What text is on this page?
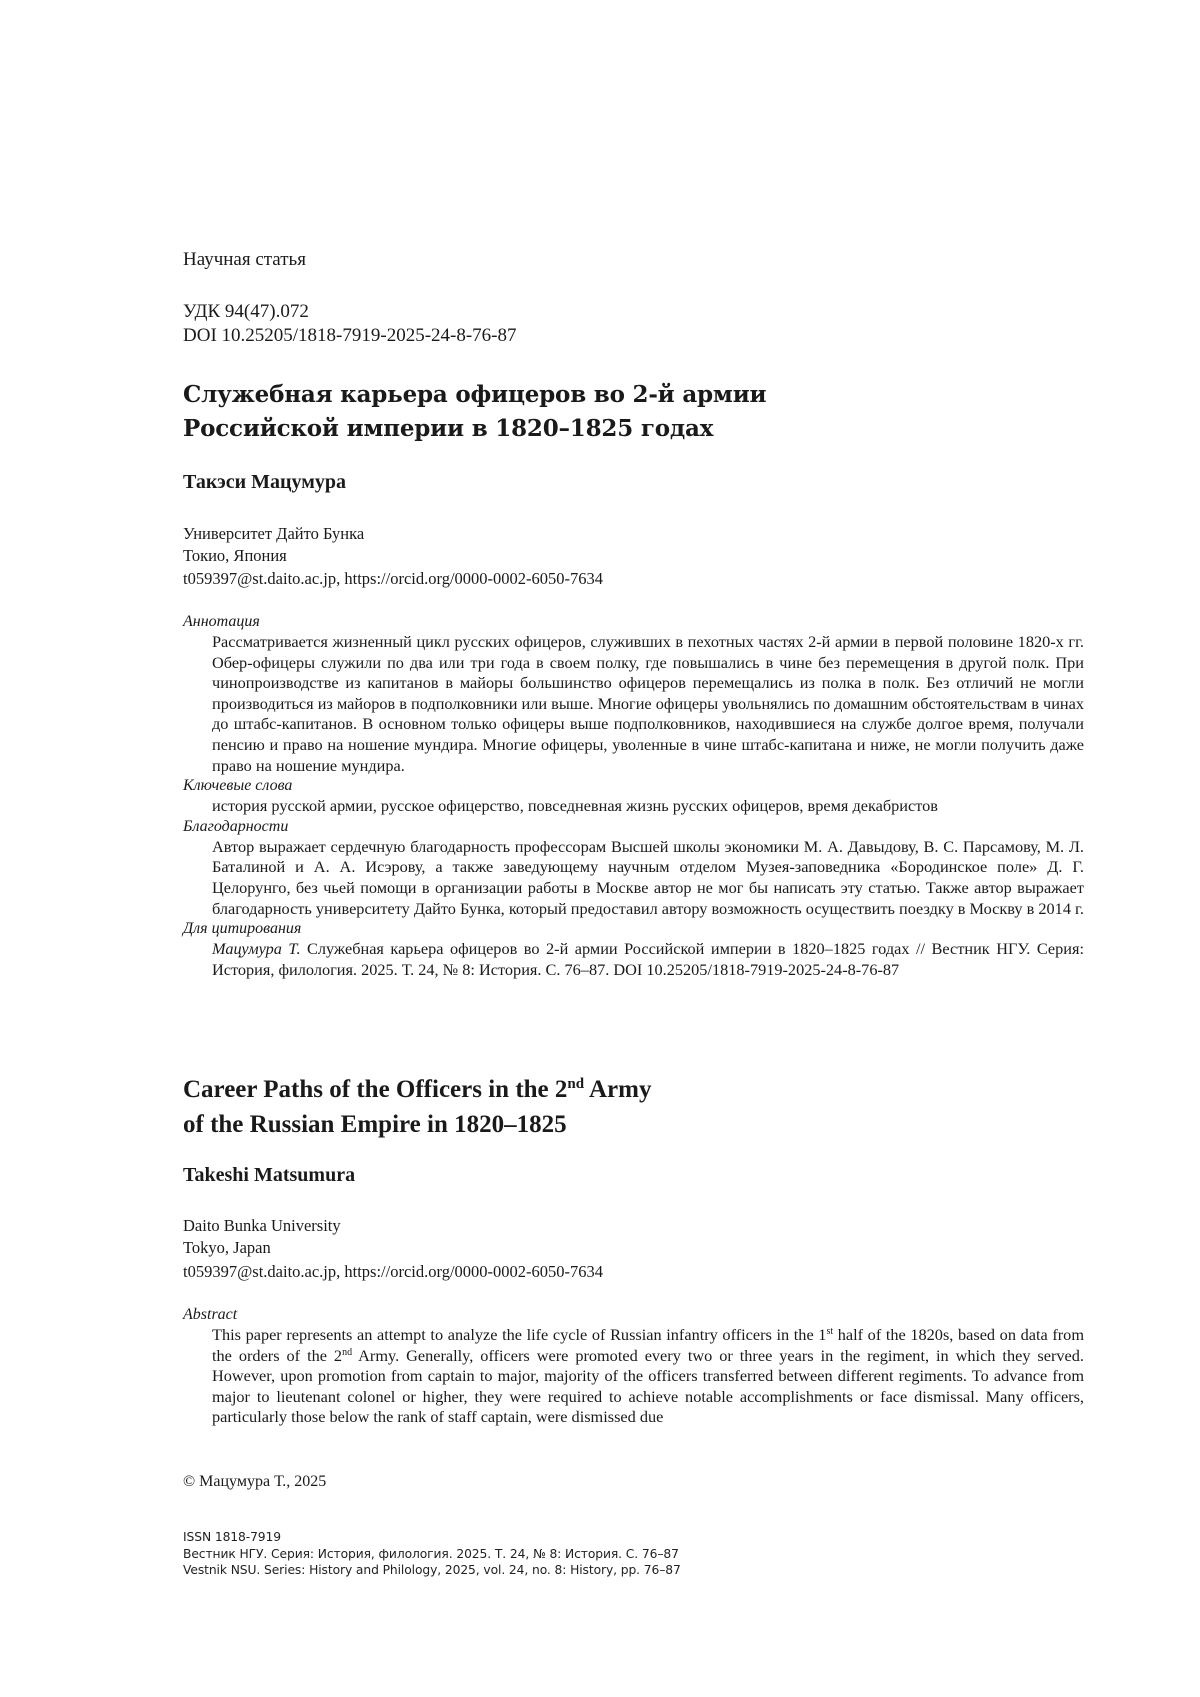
Научная статья
УДК 94(47).072
DOI 10.25205/1818-7919-2025-24-8-76-87
Служебная карьера офицеров во 2-й армии
Российской империи в 1820–1825 годах
Такэси Мацумура
Университет Дайто Бунка
Токио, Япония
t059397@st.daito.ac.jp, https://orcid.org/0000-0002-6050-7634
Аннотация
Рассматривается жизненный цикл русских офицеров, служивших в пехотных частях 2-й армии в первой половине 1820-х гг. Обер-офицеры служили по два или три года в своем полку, где повышались в чине без перемещения в другой полк. При чинопроизводстве из капитанов в майоры большинство офицеров перемещались из полка в полк. Без отличий не могли производиться из майоров в подполковники или выше. Многие офицеры увольнялись по домашним обстоятельствам в чинах до штабс-капитанов. В основном только офицеры выше подполковников, находившиеся на службе долгое время, получали пенсию и право на ношение мундира. Многие офицеры, уволенные в чине штабс-капитана и ниже, не могли получить даже право на ношение мундира.
Ключевые слова
история русской армии, русское офицерство, повседневная жизнь русских офицеров, время декабристов
Благодарности
Автор выражает сердечную благодарность профессорам Высшей школы экономики М. А. Давыдову, В. С. Парсамову, М. Л. Баталиной и А. А. Исэрову, а также заведующему научным отделом Музея-заповедника «Бородинское поле» Д. Г. Целорунго, без чьей помощи в организации работы в Москве автор не мог бы написать эту статью. Также автор выражает благодарность университету Дайто Бунка, который предоставил автору возможность осуществить поездку в Москву в 2014 г.
Для цитирования
Мацумура Т. Служебная карьера офицеров во 2-й армии Российской империи в 1820–1825 годах // Вестник НГУ. Серия: История, филология. 2025. Т. 24, № 8: История. С. 76–87. DOI 10.25205/1818-7919-2025-24-8-76-87
Career Paths of the Officers in the 2nd Army
of the Russian Empire in 1820–1825
Takeshi Matsumura
Daito Bunka University
Tokyo, Japan
t059397@st.daito.ac.jp, https://orcid.org/0000-0002-6050-7634
Abstract
This paper represents an attempt to analyze the life cycle of Russian infantry officers in the 1st half of the 1820s, based on data from the orders of the 2nd Army. Generally, officers were promoted every two or three years in the regiment, in which they served. However, upon promotion from captain to major, majority of the officers transferred between different regiments. To advance from major to lieutenant colonel or higher, they were required to achieve notable accomplishments or face dismissal. Many officers, particularly those below the rank of staff captain, were dismissed due
© Мацумура Т., 2025
ISSN 1818-7919
Вестник НГУ. Серия: История, филология. 2025. Т. 24, № 8: История. С. 76–87
Vestnik NSU. Series: History and Philology, 2025, vol. 24, no. 8: History, pp. 76–87
